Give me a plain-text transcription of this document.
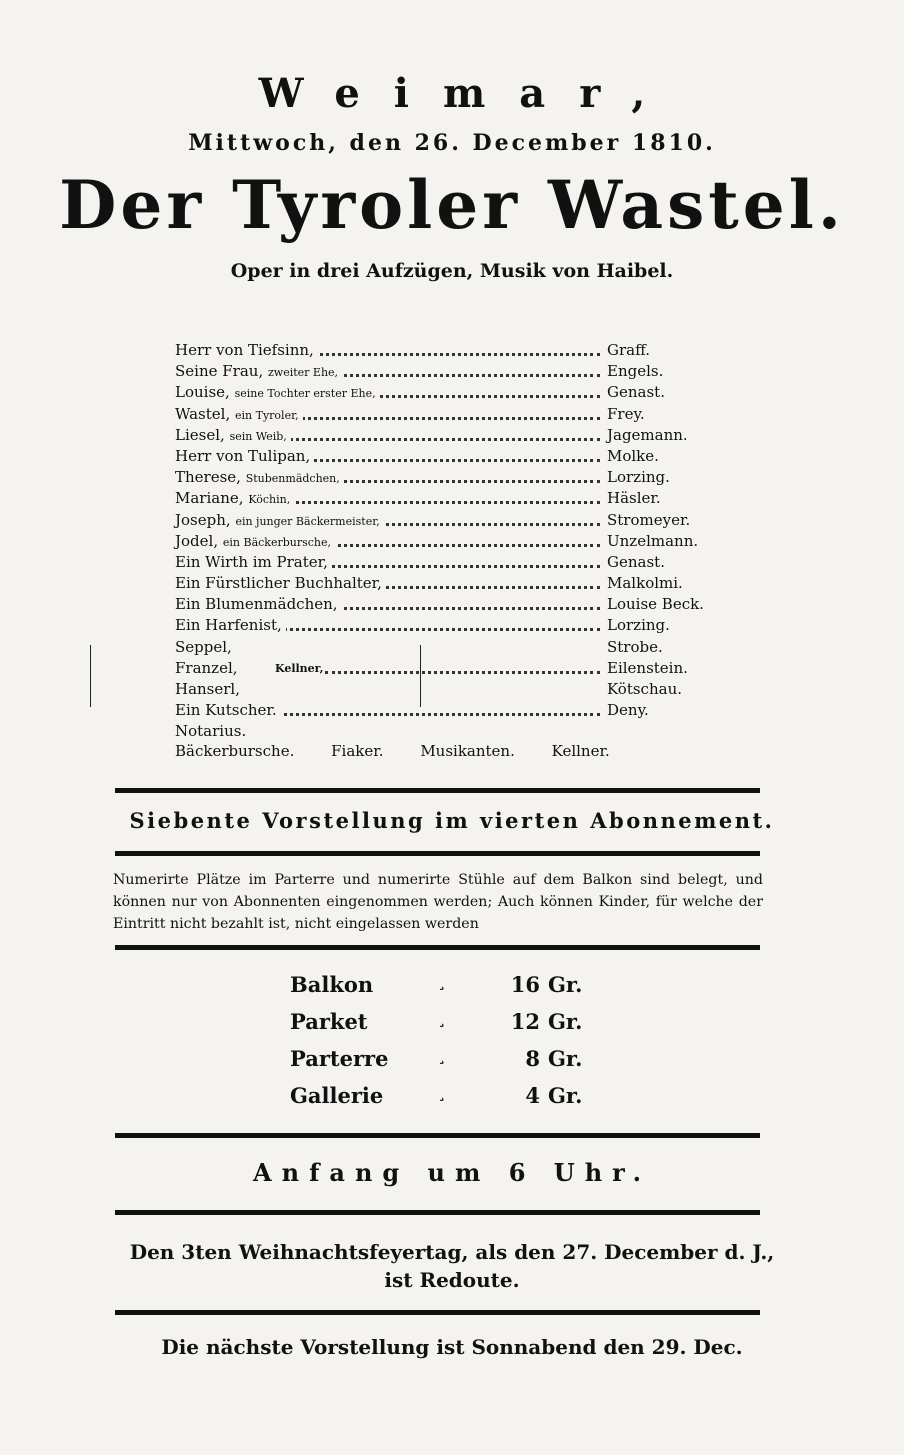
Weimar,
Mittwoch, den 26. December 1810.
Der Tyroler Wastel.
Oper in drei Aufzügen, Musik von Haibel.
Herr von Tiefsinn,	Graff.
Seine Frau, zweiter Ehe,	Engels.
Louise, seine Tochter erster Ehe,	Genast.
Wastel, ein Tyroler,	Frey.
Liesel, sein Weib,	Jagemann.
Herr von Tulipan,	Molke.
Therese, Stubenmädchen,	Lorzing.
Mariane, Köchin,	Häsler.
Joseph, ein junger Bäckermeister,	Stromeyer.
Jodel, ein Bäckerbursche,	Unzelmann.
Ein Wirth im Prater,	Genast.
Ein Fürstlicher Buchhalter,	Malkolmi.
Ein Blumenmädchen,	Louise Beck.
Ein Harfenist,	Lorzing.
Seppel,	Strobe.
Franzel,	Kellner,	Eilenstein.
Hanserl,	Kötschau.
Ein Kutscher.	Deny.
Notarius.
Bäckerbursche. Fiaker. Musikanten. Kellner.
Siebente Vorstellung im vierten Abonnement.
Numerirte Plätze im Parterre und numerirte Stühle auf dem Balkon sind belegt, und können nur von Abonnenten eingenommen werden; Auch können Kinder, für welche der Eintritt nicht bezahlt ist, nicht eingelassen werden
Balkon	¸	16 Gr.
Parket	¸	12 Gr.
Parterre	¸	8 Gr.
Gallerie	¸	4 Gr.
Anfang um 6 Uhr.
Den 3ten Weihnachtsfeyertag, als den 27. December d. J.,
ist Redoute.
Die nächste Vorstellung ist Sonnabend den 29. Dec.
